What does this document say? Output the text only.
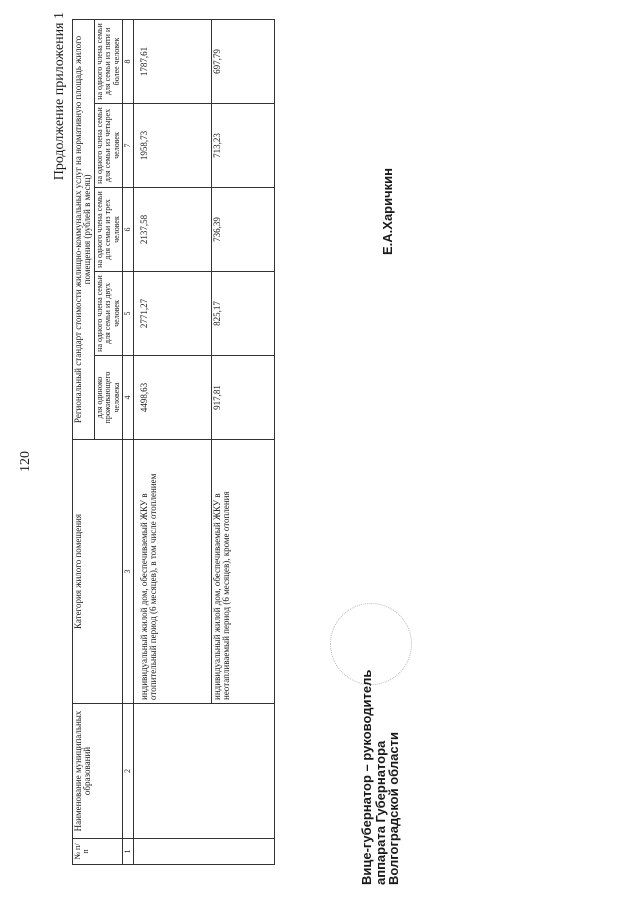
120
Продолжение приложения 1
№ п/п	Наименование муниципальных образований	Категория жилого помещения	Региональный стандарт стоимости жилищно-коммунальных услуг на нормативную площадь жилого помещения (рублей в месяц)				
			для одиноко проживающего человека	на одного члена семьи для семьи из двух человек	на одного члена семьи для семьи из трех человек	на одного члена семьи для семьи из четырех человек	на одного члена семьи для семьи из пяти и более человек
1	2	3	4	5	6	7	8
		индивидуальный жилой дом, обеспечиваемый ЖКУ в отопительный период (6 месяцев), в том числе отоплением	4498,63	2771,27	2137,58	1958,73	1787,61
		индивидуальный жилой дом, обеспечиваемый ЖКУ в неотапливаемый период (6 месяцев), кроме отопления	917,81	825,17	736,39	713,23	697,79
Вице-губернатор – руководитель
аппарата Губернатора
Волгоградской области
Е.А.Харичкин
